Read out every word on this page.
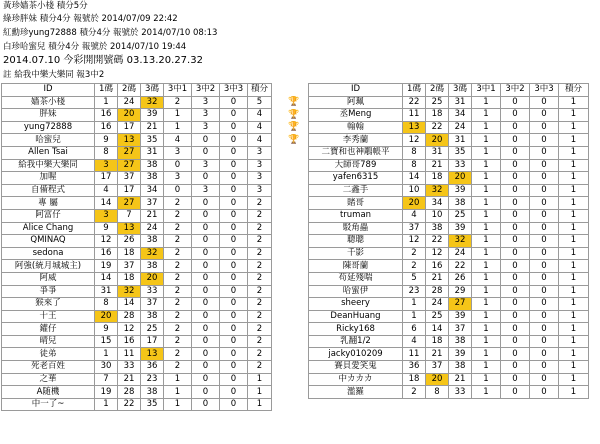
黃珍嬙茶小棧 積分5分
綠珍胖妹 積分4分 報號於 2014/07/09 22:42
紅勳珍yung72888 積分4分 報號於 2014/07/10 08:13
白珍哈蜜兒 積分4分 報號於 2014/07/10 19:44
2014.07.10 今彩開開號碼 03.13.20.27.32
註 給我中樂大樂同 報3中2
ID	1碼	2碼	3碼	3中1	3中2	3中3	積分
嬙茶小棧	1	24	32	2	3	0	5
胖妹	16	20	39	1	3	0	4
yung72888	16	17	21	1	3	0	4
哈蜜兒	9	13	35	4	0	0	4
Allen Tsai	8	27	31	3	0	0	3
給我中樂大樂同	3	27	38	0	3	0	3
加喔	17	37	38	3	0	0	3
自備程式	4	17	34	0	3	0	3
專 屬	14	27	37	2	0	0	2
阿富仔	3	7	21	2	0	0	2
Alice Chang	9	13	24	2	0	0	2
QMINAQ	12	26	38	2	0	0	2
sedona	16	18	32	2	0	0	2
阿強(統月城城主)	19	37	38	2	0	0	2
阿威	14	18	20	2	0	0	2
爭爭	31	32	33	2	0	0	2
猴來了	8	14	37	2	0	0	2
十王	20	28	38	2	0	0	2
鑵仔	9	12	25	2	0	0	2
晴兒	15	16	17	2	0	0	2
徒弟	1	11	13	2	0	0	2
死老百姓	30	33	36	2	0	0	2
之華	7	21	23	1	0	0	1
A随機	19	28	38	1	0	0	1
中一了~	1	22	35	1	0	0	1
🏆
🏆
🏆
🏆
ID	1碼	2碼	3碼	3中1	3中2	3中3	積分
阿珮	22	25	31	1	0	0	1
丞Meng	11	18	34	1	0	0	1
翰翰	13	22	24	1	0	0	1
李秀蘭	12	20	31	1	0	0	1
二寶和也神鵰帳平	8	31	35	1	0	0	1
大師哥789	8	21	33	1	0	0	1
yafen6315	14	18	20	1	0	0	1
二鑫手	10	32	39	1	0	0	1
賭哥	20	34	38	1	0	0	1
truman	4	10	25	1	0	0	1
駁角蟲	37	38	39	1	0	0	1
聰聰	12	22	32	1	0	0	1
千影	2	12	24	1	0	0	1
陳哥蘭	2	16	22	1	0	0	1
苟延殘喘	5	21	26	1	0	0	1
哈蜜伊	23	28	29	1	0	0	1
sheery	1	24	27	1	0	0	1
DeanHuang	1	25	39	1	0	0	1
Ricky168	6	14	37	1	0	0	1
乳翻1/2	4	18	38	1	0	0	1
jacky010209	11	21	39	1	0	0	1
賽貝愛笑鬼	36	37	38	1	0	0	1
中カカカ	18	20	21	1	0	0	1
濫羅	2	8	33	1	0	0	1
